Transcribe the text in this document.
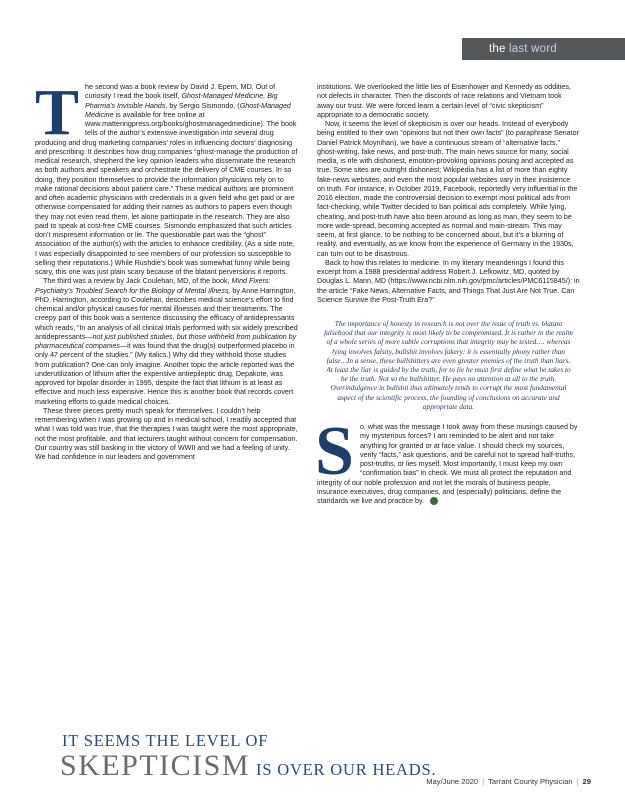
the last word

The second was a book review by David J. Epem, MD. Out of curiosity I read the book itself, Ghost-Managed Medicine, Big Pharma’s Invisible Hands, by Sergio Sismondo. (Ghost-Managed Medicine is available for free online at www.matteringpress.org/books/ghostmanagedmedicine). The book tells of the author’s extensive investigation into several drug producing and drug marketing companies’ roles in influencing doctors’ diagnosing and prescribing. It describes how drug companies “ghost-manage the production of medical research, shepherd the key opinion leaders who disseminate the research as both authors and speakers and orchestrate the delivery of CME courses. In so doing, they position themselves to provide the information physicians rely on to make rational decisions about patient care.” These medical authors are prominent and often academic physicians with credentials in a given field who get paid or are otherwise compensated for adding their names as authors to papers even though they may not even read them, let alone participate in the research. They are also paid to speak at cost-free CME courses. Sismondo emphasized that such articles don’t mispresent information or lie. The questionable part was the “ghost” association of the author(s) with the articles to enhance credibility. (As a side note, I was especially disappointed to see members of our profession so susceptible to selling their reputations.) While Rushdie’s book was somewhat funny while being scary, this one was just plain scary because of the blatant perversions it reports.

The third was a review by Jack Coulehan, MD, of the book, Mind Fixers: Psychiatry’s Troubled Search for the Biology of Mental Illness, by Anne Harrington, PhD. Harrington, according to Coulehan, describes medical science’s effort to find chemical and/or physical causes for mental illnesses and their treatments. The creepy part of this book was a sentence discussing the efficacy of antidepressants which reads, “In an analysis of all clinical trials performed with six widely prescribed antidepressants—not just published studies, but those withheld from publication by pharmaceutical companies—it was found that the drug(s) outperformed placebo in only 47 percent of the studies.” (My italics.) Why did they withhold those studies from publication? One can only imagine. Another topic the article reported was the underutilization of lithium after the expensive antiepileptic drug, Depakote, was approved for bipolar disorder in 1995, despite the fact that lithium is at least as effective and much less expensive. Hence this is another book that records covert marketing efforts to guide medical choices.

These three pieces pretty much speak for themselves. I couldn’t help remembering when I was growing up and in medical school, I readily accepted that what I was told was true, that the therapies I was taught were the most appropriate, not the most profitable, and that lecturers taught without concern for compensation. Our country was still basking in the victory of WWII and we had a feeling of unity. We had confidence in our leaders and government

institutions. We overlooked the little lies of Eisenhower and Kennedy as oddities, not defects in character. Then the discords of race relations and Vietnam took away our trust. We were forced learn a certain level of “civic skepticism” appropriate to a democratic society.

Now, it seems the level of skepticism is over our heads. Instead of everybody being entitled to their own “opinions but not their own facts” (to paraphrase Senator Daniel Patrick Moynihan), we have a continuous stream of “alternative facts,” ghost-writing, fake news, and post-truth. The main news source for many, social media, is rife with dishonest, emotion-provoking opinions posing and accepted as true. Some sites are outright dishonest; Wikipedia has a list of more than eighty fake-news websites, and even the most popular websites vary in their insistence on truth. For instance, in October 2019, Facebook, reportedly very influential in the 2016 election, made the controversial decision to exempt most political ads from fact-checking, while Twitter decided to ban political ads completely. While lying, cheating, and post-truth have also been around as long as man, they seem to be more wide-spread, becoming accepted as normal and main-stream. This may seem, at first glance, to be nothing to be concerned about, but it’s a blurring of reality, and eventually, as we know from the experience of Germany in the 1930s, can turn out to be disastrous.

Back to how this relates to medicine. In my literary meanderings I found this excerpt from a 1988 presidential address Robert J. Lefkowitz, MD, quoted by Douglas L. Mann, MD (https://www.ncbi.nlm.nih.gov/pmc/articles/PMC6115845/): in the article “Fake News, Alternative Facts, and Things That Just Are Not True. Can Science Survive the Post-Truth Era?”

The importance of honesty in research is not over the issue of truth vs. blatant falsehood that our integrity is most likely to be compromised. It is rather in the realm of a whole series of more subtle corruptions that integrity may be tested…. whereas lying involves falsity, bullshit involves fakery: it is essentially phony rather than false…In a sense, these bullshitters are even greater enemies of the truth than liars. At least the liar is guided by the truth, for to lie he must first define what he takes to be the truth. Not so the bullshitter. He pays no attention at all to the truth. Overindulgence in bullshit thus ultimately tends to corrupt the most fundamental aspect of the scientific process, the founding of conclusions on accurate and appropriate data.

So, what was the message I took away from these musings caused by my mysterious forces? I am reminded to be alert and not take anything for granted or at face value. I should check my sources, verify “facts,” ask questions, and be careful not to spread half-truths, post-truths, or lies myself. Most importantly, I must keep my own “confirmation bias” in check. We must all protect the reputation and integrity of our noble profession and not let the morals of business people, insurance executives, drug companies, and (especially) politicians, define the standards we live and practice by.

IT SEEMS THE LEVEL OF
SKEPTICISM IS OVER OUR HEADS.
May/June 2020 | Tarrant County Physician | 29
